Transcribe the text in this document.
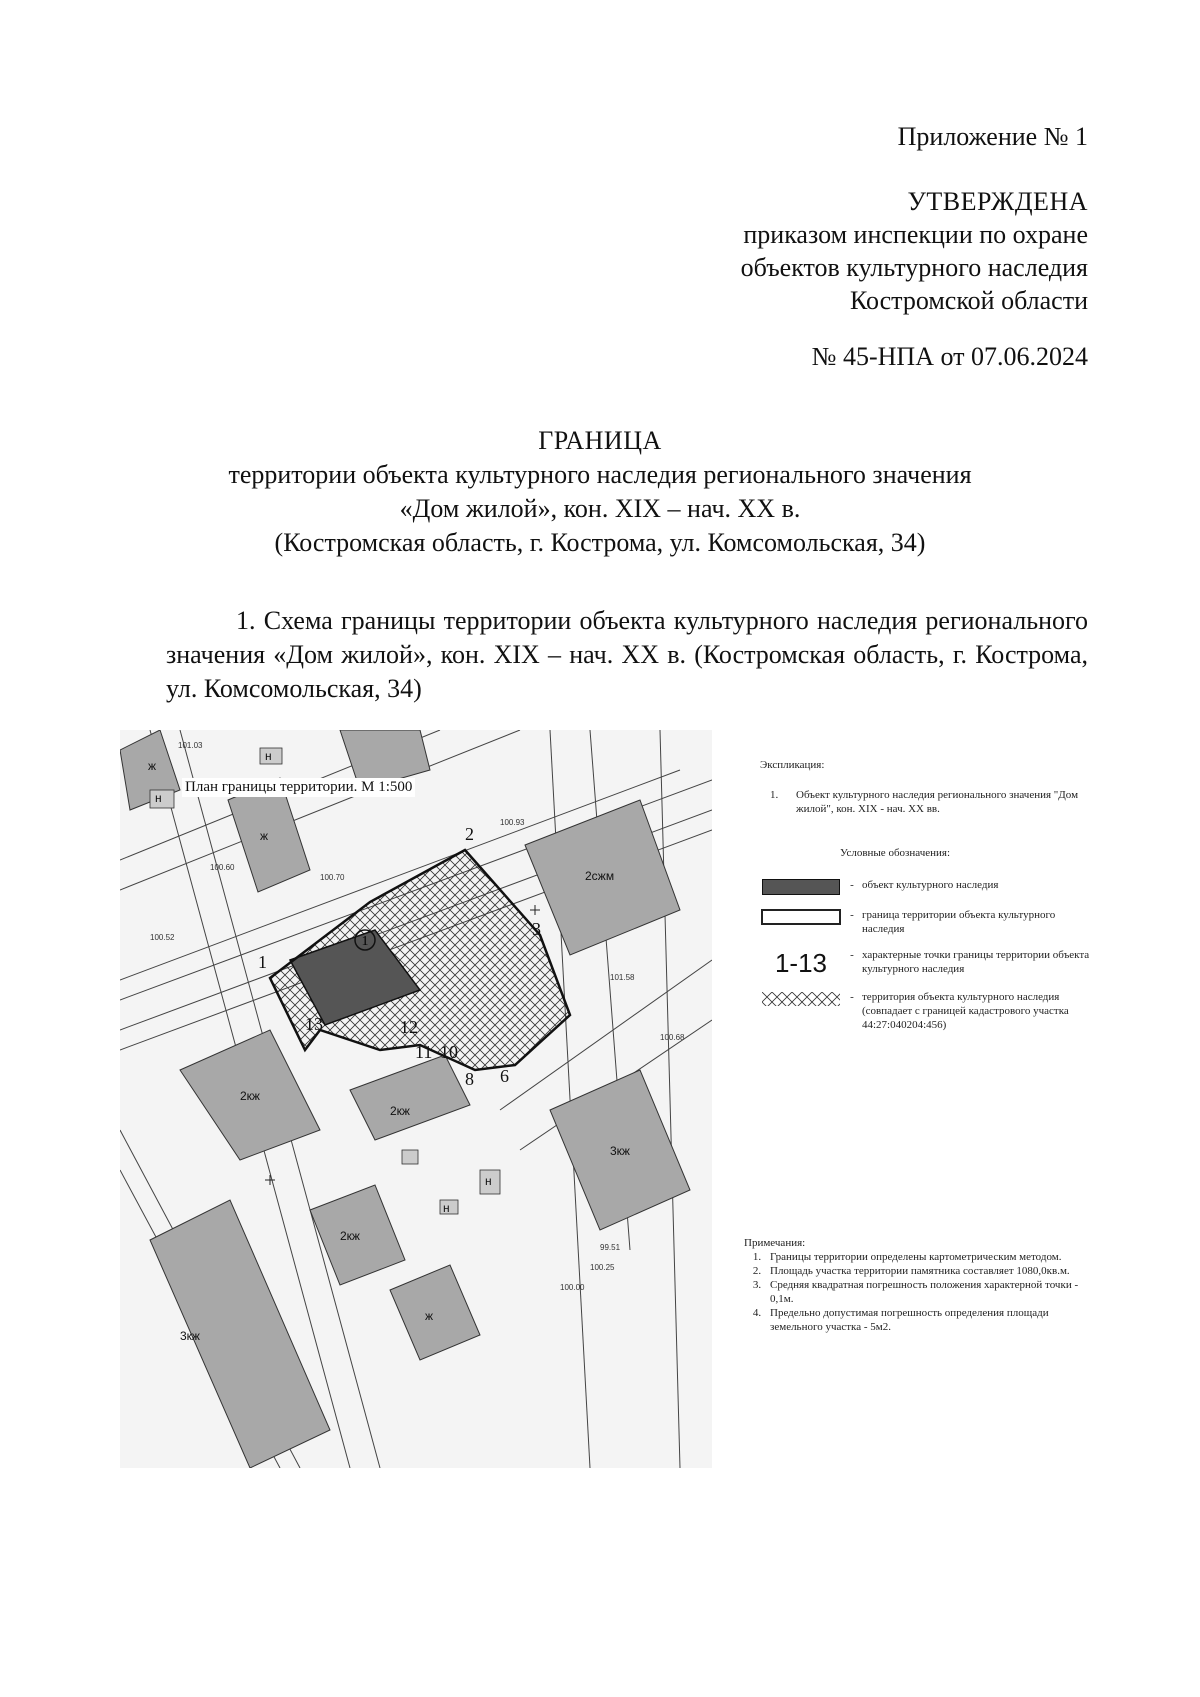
Приложение № 1
УТВЕРЖДЕНА
приказом инспекции по охране
объектов культурного наследия
Костромской области
№ 45-НПА от 07.06.2024
ГРАНИЦА
территории объекта культурного наследия регионального значения
«Дом жилой», кон. XIX – нач. XX в.
(Костромская область, г. Кострома, ул. Комсомольская, 34)
1. Схема границы территории объекта культурного наследия регионального значения «Дом жилой», кон. XIX – нач. XX в. (Костромская область, г. Кострома, ул. Комсомольская, 34)
1
1
2
3
6
8
10
11
12
13
2кж
2кж
3кж
3кж
2сжм
2кж
ж
ж
ж
н
н
н
н
101.03
100.52
100.60
100.70
100.93
101.58
100.68
100.25
100.00
99.51
План границы территории. М 1:500
Экспликация:
1.	Объект культурного наследия регионального значения "Дом жилой", кон. XIX - нач. XX вв.
Условные обозначения:
- объект культурного наследия
- граница территории объекта культурного наследия
1-13	- характерные точки границы территории объекта культурного наследия
- территория объекта культурного наследия (совпадает с границей кадастрового участка 44:27:040204:456)
Примечания:
1. Границы территории определены картометрическим методом.
2. Площадь участка территории памятника составляет 1080,0кв.м.
3. Средняя квадратная погрешность положения характерной точки - 0,1м.
4. Предельно допустимая погрешность определения площади земельного участка - 5м2.
